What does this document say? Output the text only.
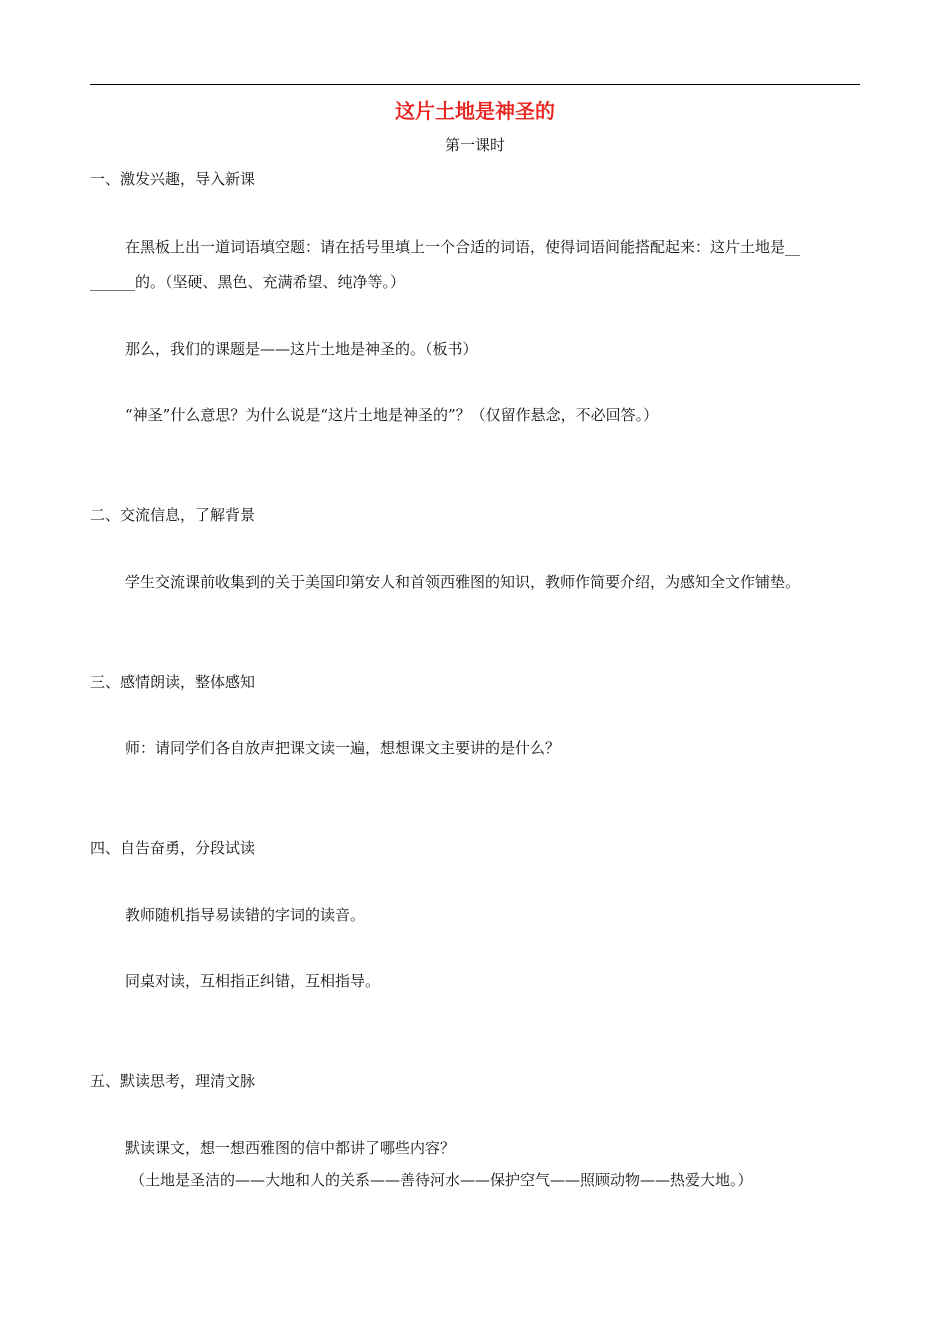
这片土地是神圣的
第一课时
一、激发兴趣，导入新课
在黑板上出一道词语填空题：请在括号里填上一个合适的词语，使得词语间能搭配起来：这片土地是__
______的。（坚硬、黑色、充满希望、纯净等。）
那么，我们的课题是——这片土地是神圣的。（板书）
“神圣”什么意思？为什么说是“这片土地是神圣的”？（仅留作悬念，不必回答。）
二、交流信息，了解背景
学生交流课前收集到的关于美国印第安人和首领西雅图的知识，教师作简要介绍，为感知全文作铺垫。
三、感情朗读，整体感知
师：请同学们各自放声把课文读一遍，想想课文主要讲的是什么？
四、自告奋勇，分段试读
教师随机指导易读错的字词的读音。
同桌对读，互相指正纠错，互相指导。
五、默读思考，理清文脉
默读课文，想一想西雅图的信中都讲了哪些内容？
（土地是圣洁的——大地和人的关系——善待河水——保护空气——照顾动物——热爱大地。）
